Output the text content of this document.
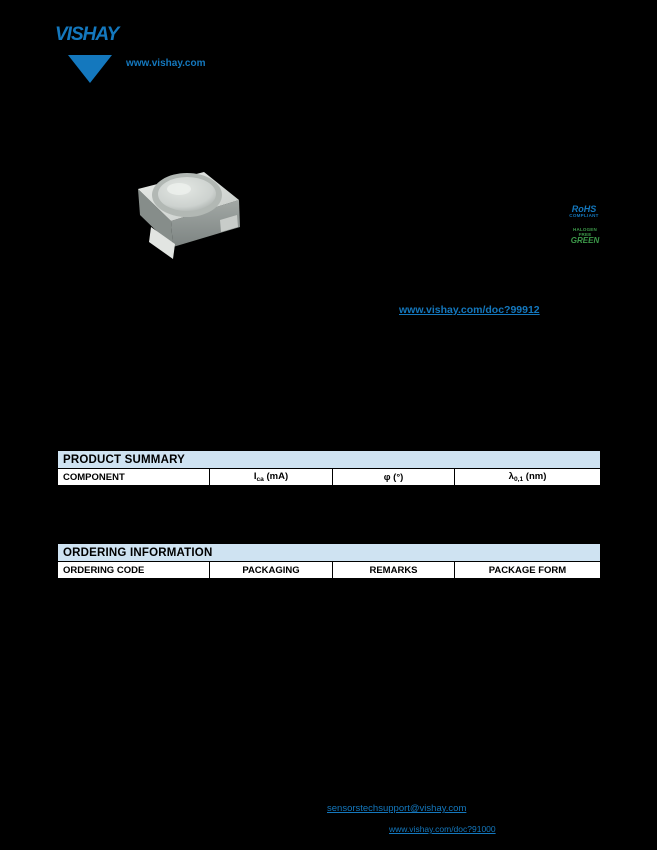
VISHAY
www.vishay.com
RoHS
COMPLIANT
HALOGEN
FREE
GREEN
www.vishay.com/doc?99912
PRODUCT SUMMARY
COMPONENT	$I_{ca}$ (mA)	φ (°)	$\lambda_{0,1}$ (nm)
ORDERING INFORMATION
ORDERING CODE	PACKAGING	REMARKS	PACKAGE FORM
sensorstechsupport@vishay.com
www.vishay.com/doc?91000
